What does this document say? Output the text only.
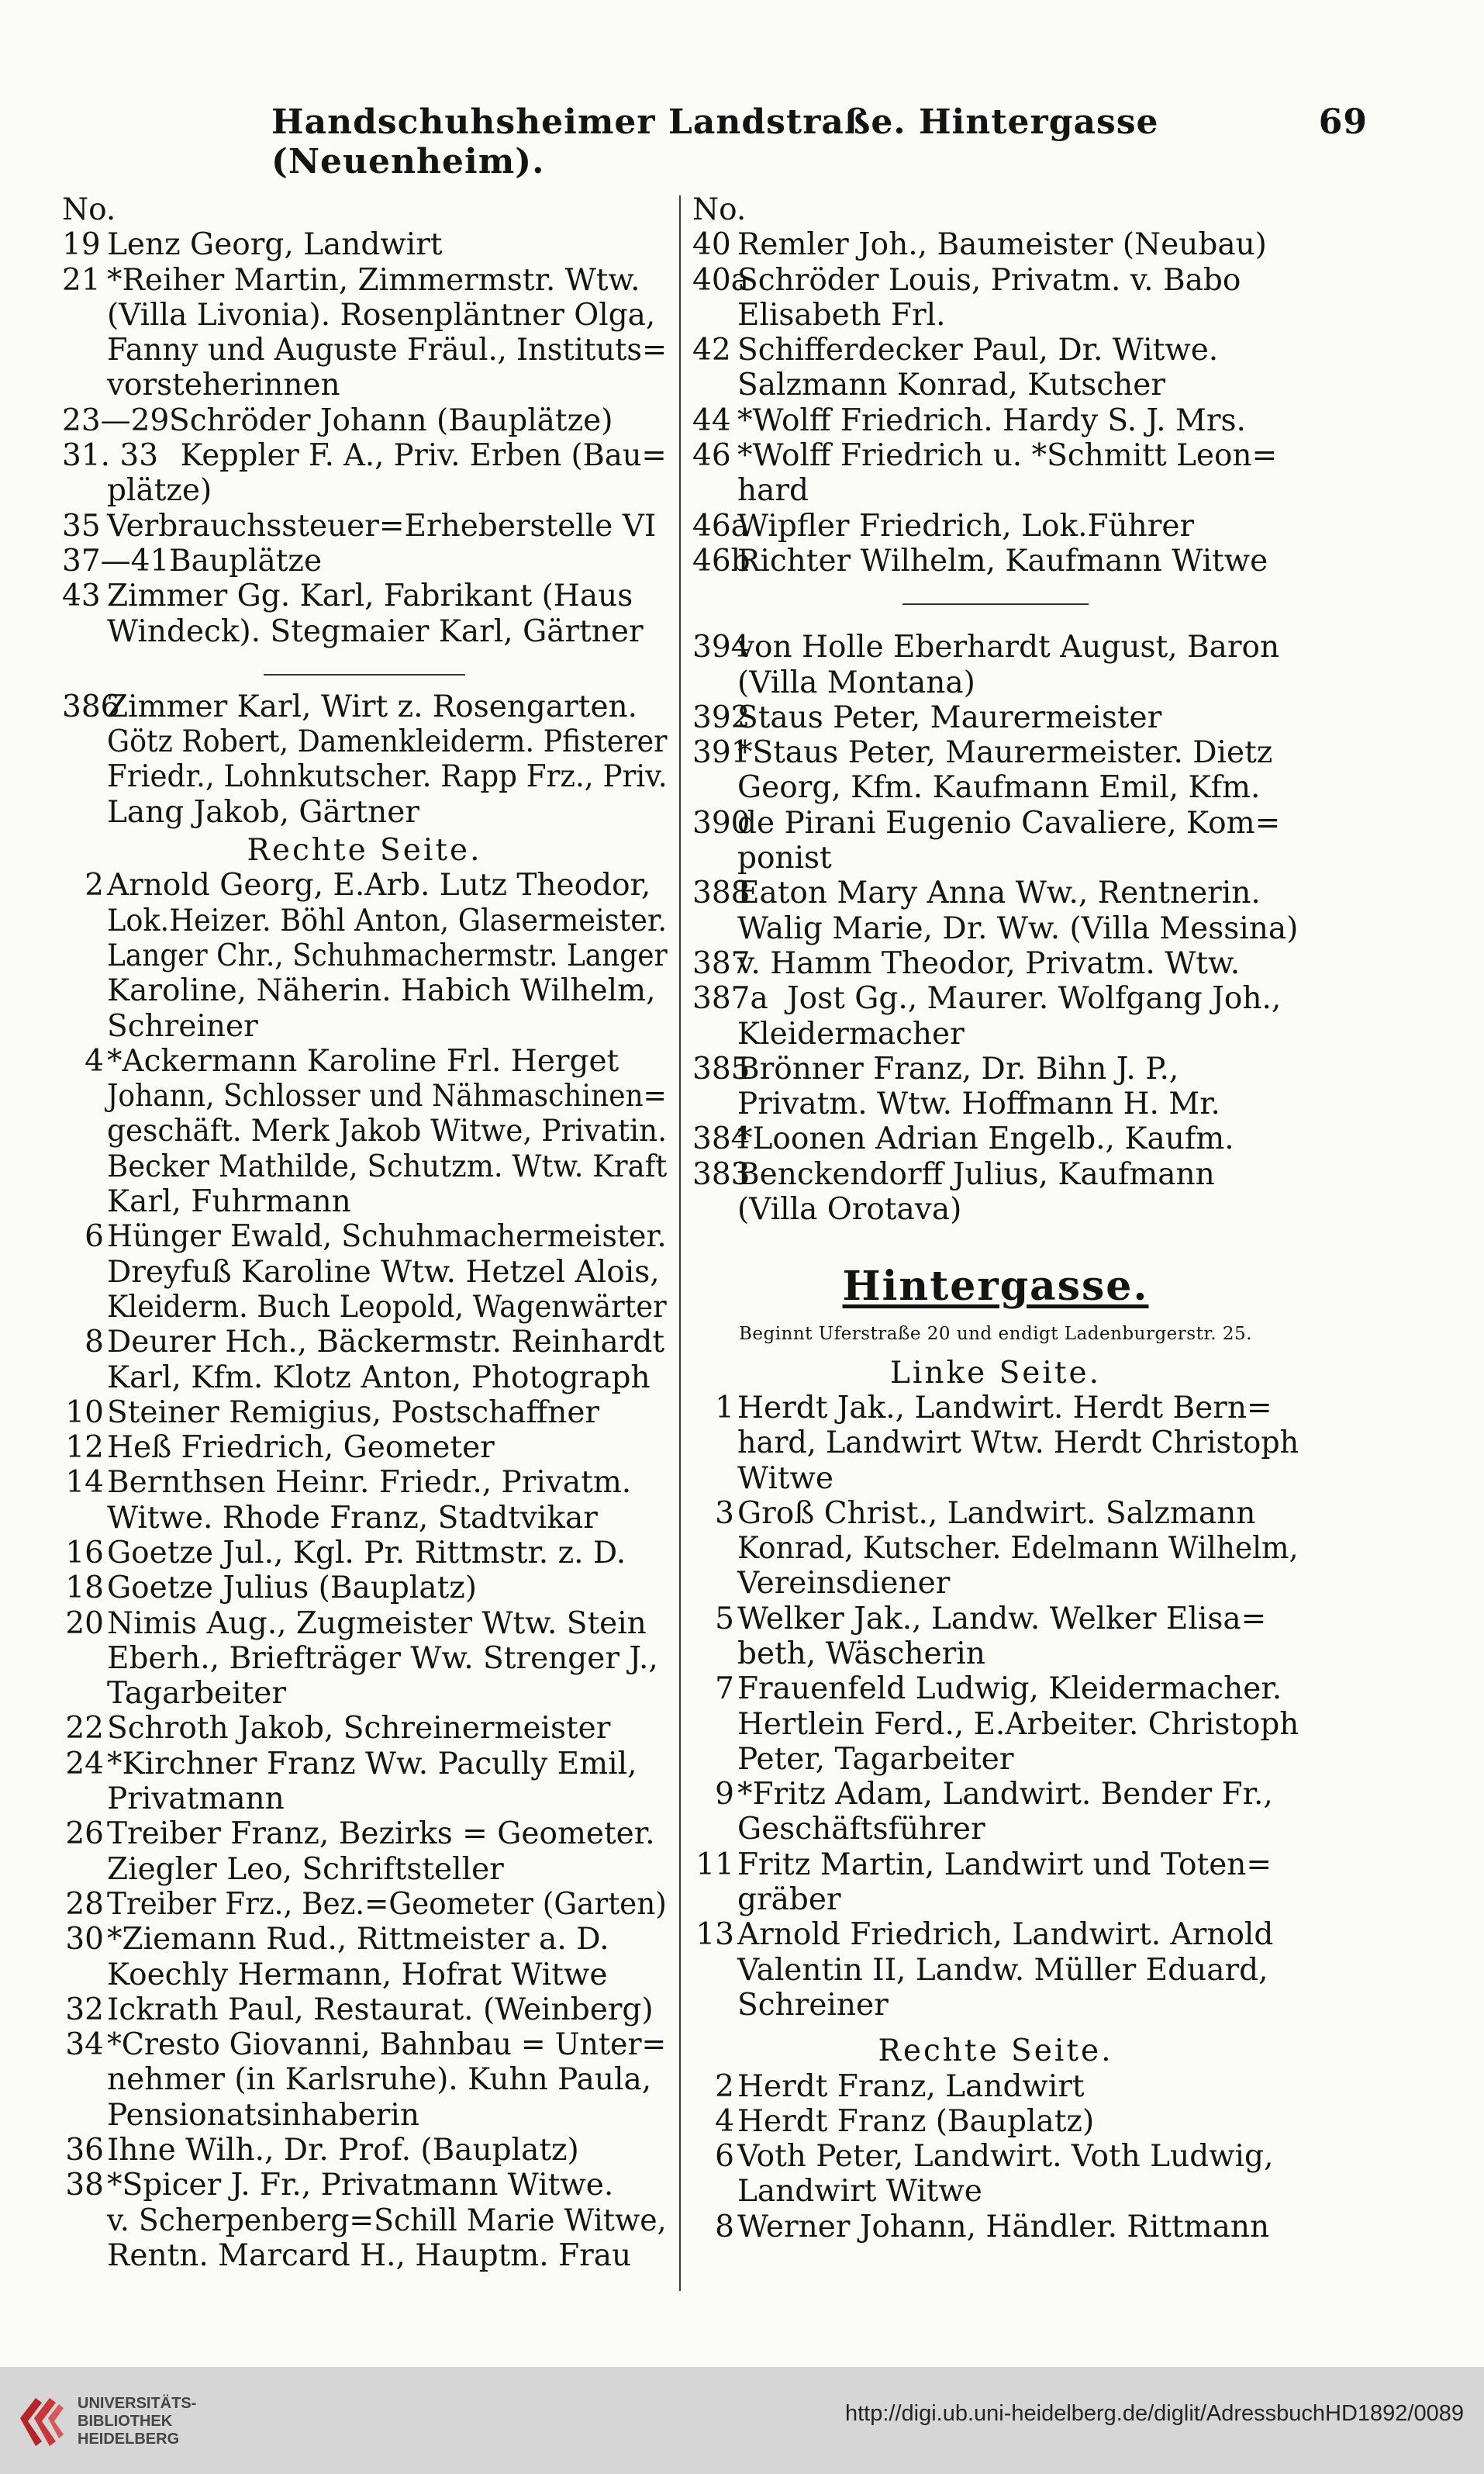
Handschuhsheimer Landstraße. Hintergasse (Neuenheim).
69
No.
19 Lenz Georg, Landwirt
21 *Reiher Martin, Zimmermstr. Wtw.
(Villa Livonia). Rosenpläntner Olga,
Fanny und Auguste Fräul., Instituts=
vorsteherinnen
23—29 Schröder Johann (Bauplätze)
31. 33 Keppler F. A., Priv. Erben (Bau=
plätze)
35 Verbrauchssteuer=Erheberstelle VI
37—41 Bauplätze
43 Zimmer Gg. Karl, Fabrikant (Haus
Windeck). Stegmaier Karl, Gärtner
386
Zimmer Karl, Wirt z. Rosengarten.
Götz Robert, Damenkleiderm. Pfisterer
Friedr., Lohnkutscher. Rapp Frz., Priv.
Lang Jakob, Gärtner
Rechte Seite.
2 Arnold Georg, E.Arb. Lutz Theodor,
Lok.Heizer. Böhl Anton, Glasermeister.
Langer Chr., Schuhmachermstr. Langer
Karoline, Näherin. Habich Wilhelm,
Schreiner
4 *Ackermann Karoline Frl. Herget
Johann, Schlosser und Nähmaschinen=
geschäft. Merk Jakob Witwe, Privatin.
Becker Mathilde, Schutzm. Wtw. Kraft
Karl, Fuhrmann
6 Hünger Ewald, Schuhmachermeister.
Dreyfuß Karoline Wtw. Hetzel Alois,
Kleiderm. Buch Leopold, Wagenwärter
8 Deurer Hch., Bäckermstr. Reinhardt
Karl, Kfm. Klotz Anton, Photograph
10 Steiner Remigius, Postschaffner
12 Heß Friedrich, Geometer
14 Bernthsen Heinr. Friedr., Privatm.
Witwe. Rhode Franz, Stadtvikar
16 Goetze Jul., Kgl. Pr. Rittmstr. z. D.
18 Goetze Julius (Bauplatz)
20 Nimis Aug., Zugmeister Wtw. Stein
Eberh., Briefträger Ww. Strenger J.,
Tagarbeiter
22 Schroth Jakob, Schreinermeister
24 *Kirchner Franz Ww. Pacully Emil,
Privatmann
26 Treiber Franz, Bezirks = Geometer.
Ziegler Leo, Schriftsteller
28 Treiber Frz., Bez.=Geometer (Garten)
30 *Ziemann Rud., Rittmeister a. D.
Koechly Hermann, Hofrat Witwe
32 Ickrath Paul, Restaurat. (Weinberg)
34 *Cresto Giovanni, Bahnbau = Unter=
nehmer (in Karlsruhe). Kuhn Paula,
Pensionatsinhaberin
36 Ihne Wilh., Dr. Prof. (Bauplatz)
38 *Spicer J. Fr., Privatmann Witwe.
v. Scherpenberg=Schill Marie Witwe,
Rentn. Marcard H., Hauptm. Frau
No.
40 Remler Joh., Baumeister (Neubau)
40a
Schröder Louis, Privatm. v. Babo
Elisabeth Frl.
42 Schifferdecker Paul, Dr. Witwe.
Salzmann Konrad, Kutscher
44 *Wolff Friedrich. Hardy S. J. Mrs.
46 *Wolff Friedrich u. *Schmitt Leon=
hard
46a
Wipfler Friedrich, Lok.Führer
46b
Richter Wilhelm, Kaufmann Witwe
394
von Holle Eberhardt August, Baron
(Villa Montana)
392
Staus Peter, Maurermeister
391
*Staus Peter, Maurermeister. Dietz
Georg, Kfm. Kaufmann Emil, Kfm.
390
de Pirani Eugenio Cavaliere, Kom=
ponist
388
Eaton Mary Anna Ww., Rentnerin.
Walig Marie, Dr. Ww. (Villa Messina)
387
v. Hamm Theodor, Privatm. Wtw.
387a Jost Gg., Maurer. Wolfgang Joh.,
Kleidermacher
385
Brönner Franz, Dr. Bihn J. P.,
Privatm. Wtw. Hoffmann H. Mr.
384
*Loonen Adrian Engelb., Kaufm.
383
Benckendorff Julius, Kaufmann
(Villa Orotava)
Hintergasse.
Beginnt Uferstraße 20 und endigt Ladenburgerstr. 25.
Linke Seite.
1 Herdt Jak., Landwirt. Herdt Bern=
hard, Landwirt Wtw. Herdt Christoph
Witwe
3 Groß Christ., Landwirt. Salzmann
Konrad, Kutscher. Edelmann Wilhelm,
Vereinsdiener
5 Welker Jak., Landw. Welker Elisa=
beth, Wäscherin
7 Frauenfeld Ludwig, Kleidermacher.
Hertlein Ferd., E.Arbeiter. Christoph
Peter, Tagarbeiter
9 *Fritz Adam, Landwirt. Bender Fr.,
Geschäftsführer
11 Fritz Martin, Landwirt und Toten=
gräber
13 Arnold Friedrich, Landwirt. Arnold
Valentin II, Landw. Müller Eduard,
Schreiner
Rechte Seite.
2 Herdt Franz, Landwirt
4 Herdt Franz (Bauplatz)
6 Voth Peter, Landwirt. Voth Ludwig,
Landwirt Witwe
8 Werner Johann, Händler. Rittmann
UNIVERSITÄTS-
BIBLIOTHEK
HEIDELBERG
http://digi.ub.uni-heidelberg.de/diglit/AdressbuchHD1892/0089
